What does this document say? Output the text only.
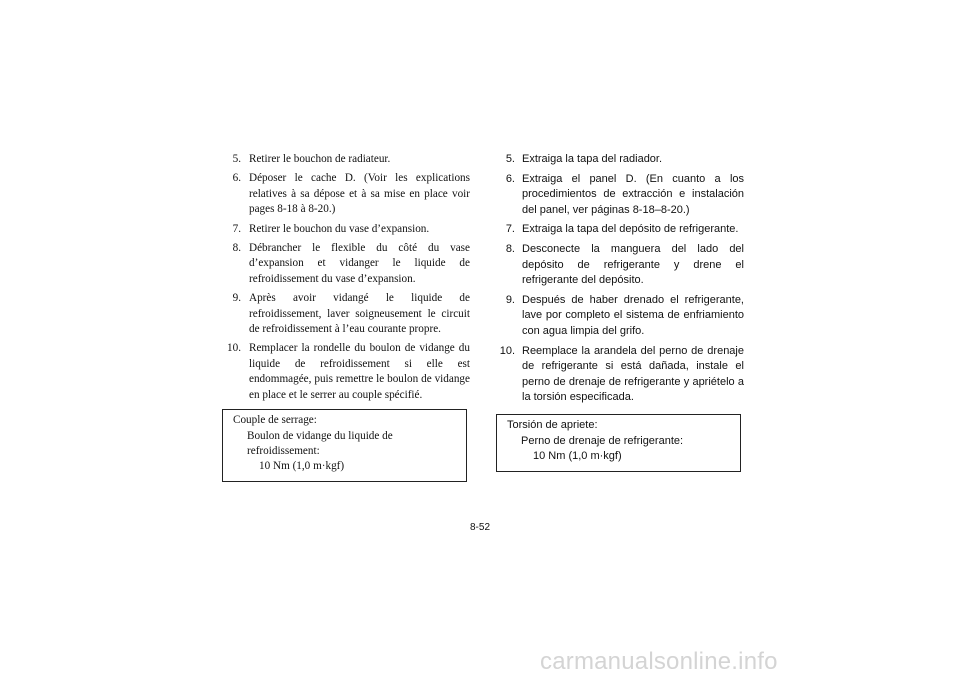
5. Retirer le bouchon de radiateur.
6. Déposer le cache D. (Voir les explications relatives à sa dépose et à sa mise en place voir pages 8-18 à 8-20.)
7. Retirer le bouchon du vase d’expansion.
8. Débrancher le flexible du côté du vase d’expansion et vidanger le liquide de refroidissement du vase d’expansion.
9. Après avoir vidangé le liquide de refroidissement, laver soigneusement le circuit de refroidissement à l’eau courante propre.
10. Remplacer la rondelle du boulon de vidange du liquide de refroidissement si elle est endommagée, puis remettre le boulon de vidange en place et le serrer au couple spécifié.
Couple de serrage:
Boulon de vidange du liquide de refroidissement:
10 Nm (1,0 m·kgf)
5. Extraiga la tapa del radiador.
6. Extraiga el panel D. (En cuanto a los procedimientos de extracción e instalación del panel, ver páginas 8-18–8-20.)
7. Extraiga la tapa del depósito de refrigerante.
8. Desconecte la manguera del lado del depósito de refrigerante y drene el refrigerante del depósito.
9. Después de haber drenado el refrigerante, lave por completo el sistema de enfriamiento con agua limpia del grifo.
10. Reemplace la arandela del perno de drenaje de refrigerante si está dañada, instale el perno de drenaje de refrigerante y apriételo a la torsión especificada.
Torsión de apriete:
Perno de drenaje de refrigerante:
10 Nm (1,0 m·kgf)
8-52
carmanualsonline.info
